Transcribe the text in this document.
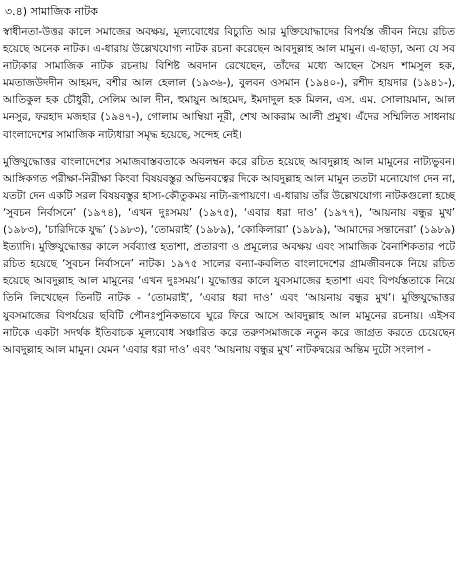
৩.৪) সামাজিক নাটক

স্বাধীনতা-উত্তর কালে সমাজের অবক্ষয়, মূল্যবোধের বিচ্যুতি আর মুক্তিযোদ্ধাদের বিপর্যস্ত জীবন নিয়ে রচিত হয়েছে অনেক নাটক। এ-ধারায় উল্লেখযোগ্য নাটক রচনা করেছেন আবদুল্লাহ আল মামুন। এ-ছাড়া, অন্য যে সব নাট্যকার সামাজিক নাটক রচনায় বিশিষ্ট অবদান রেখেছেন, তাঁদের মধ্যে আছেন সৈয়দ শামসুল হক, মমতাজউদদীন আহমদ, বশীর আল হেলাল (১৯৩৬-), বুলবন ওসমান (১৯৪০-), রশীদ হায়দার (১৯৪১-), আতিকুল হক চৌধুরী, সেলিম আল দীন, হুমায়ুন আহমেদ, ইমদাদুল হক মিলন, এস. এম. সোলায়মান, আল মনসুর, ফরহাদ মজহার (১৯৪৭-), গোলাম আম্বিয়া নূরী, শেখ আকরাম আলী প্রমুখ। এঁদের সম্মিলিত সাধনায় বাংলাদেশের সামাজিক নাট্যধারা সমৃদ্ধ হয়েছে, সন্দেহ নেই।

মুক্তিযুদ্ধোত্তর বাংলাদেশের সমাজবাস্তবতাকে অবলম্বন করে রচিত হয়েছে আবদুল্লাহ আল মামুনের নাট্যভুবন। আঙ্গিকগত পরীক্ষা-নিরীক্ষা কিংবা বিষয়বস্তুর অভিনবত্বের দিকে আবদুল্লাহ আল মামুন ততটা মনোযোগ দেন না, যতটা দেন একটি সরল বিষয়বস্তুর হাস্য-কৌতুকময় নাট্য-রূপায়ণে। এ-ধারায় তাঁর উল্লেখযোগ্য নাটকগুলো হচ্ছে ‘সুবচন নির্বাসনে’ (১৯৭৪), ‘এখন দুঃসময়’ (১৯৭৫), ‘এবার ধরা দাও’ (১৯৭৭), ‘আয়নায় বন্ধুর মুখ’ (১৯৮৩), ‘চারিদিকে যুদ্ধ’ (১৯৮৩), ‘তোমরাই’ (১৯৮৯), ‘কোকিলারা’ (১৯৮৯), ‘আমাদের সন্তানেরা’ (১৯৮৯) ইত্যাদি। মুক্তিযুদ্ধোত্তর কালে সর্বব্যাপ্ত হতাশা, প্রতারণা ও প্রমূল্যের অবক্ষয় এবং সামাজিক বৈনাশিকতার পটে রচিত হয়েছে ‘সুবচন নির্বাসনে’ নাটক। ১৯৭৫ সালের বন্যা-কবলিত বাংলাদেশের গ্রামজীবনকে নিয়ে রচিত হয়েছে আবদুল্লাহ আল মামুনের ‘এখন দুঃসময়’। যুদ্ধোত্তর কালে যুবসমাজের হতাশা এবং বিপর্যস্ততাকে নিয়ে তিনি লিখেছেন তিনটি নাটক - ‘তোমরাই’, ‘এবার ধরা দাও’ এবং ‘আয়নায় বন্ধুর মুখ’। মুক্তিযুদ্ধোত্তর যুবসমাজের বিপর্যয়ের ছবিটি পৌনঃপুনিকভাবে ঘুরে ফিরে আসে আবদুল্লাহ আল মামুনের রচনায়। এইসব নাটকে একটা সদর্থক ইতিবাচক মূল্যবোধ সঞ্চারিত করে তরুণসমাজকে নতুন করে জাগ্রত করতে চেয়েছেন আবদুল্লাহ আল মামুন। যেমন ‘এবার ধরা দাও’ এবং ‘আয়নায় বন্ধুর মুখ’ নাটকদ্বয়ের অন্তিম দুটো সংলাপ -
